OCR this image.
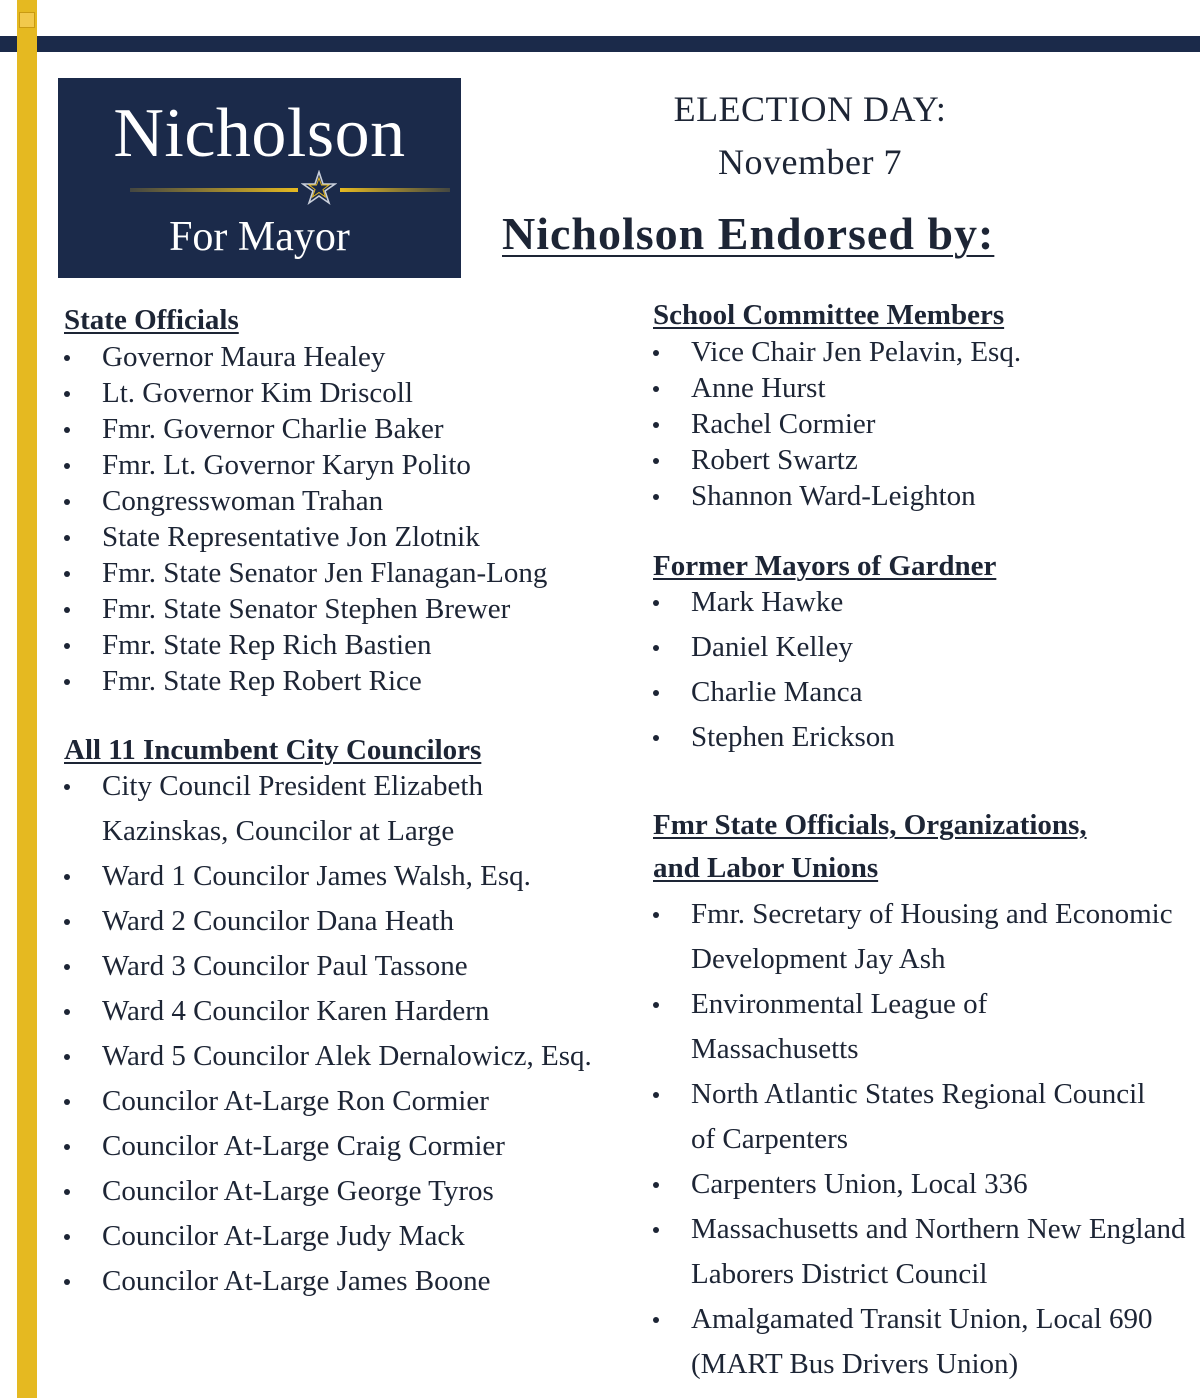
Nicholson
For Mayor
ELECTION DAY:
November 7
Nicholson Endorsed by:
State Officials
Governor Maura Healey
Lt. Governor Kim Driscoll
Fmr. Governor Charlie Baker
Fmr. Lt. Governor Karyn Polito
Congresswoman Trahan
State Representative Jon Zlotnik
Fmr. State Senator Jen Flanagan-Long
Fmr. State Senator Stephen Brewer
Fmr. State Rep Rich Bastien
Fmr. State Rep Robert Rice
All 11 Incumbent City Councilors
City Council President Elizabeth Kazinskas, Councilor at Large
Ward 1 Councilor James Walsh, Esq.
Ward 2 Councilor Dana Heath
Ward 3 Councilor Paul Tassone
Ward 4 Councilor Karen Hardern
Ward 5 Councilor Alek Dernalowicz, Esq.
Councilor At-Large Ron Cormier
Councilor At-Large Craig Cormier
Councilor At-Large George Tyros
Councilor At-Large Judy Mack
Councilor At-Large James Boone
School Committee Members
Vice Chair Jen Pelavin, Esq.
Anne Hurst
Rachel Cormier
Robert Swartz
Shannon Ward-Leighton
Former Mayors of Gardner
Mark Hawke
Daniel Kelley
Charlie Manca
Stephen Erickson
Fmr State Officials, Organizations,
and Labor Unions
Fmr. Secretary of Housing and Economic Development Jay Ash
Environmental League of Massachusetts
North Atlantic States Regional Council of Carpenters
Carpenters Union, Local 336
Massachusetts and Northern New England Laborers District Council
Amalgamated Transit Union, Local 690 (MART Bus Drivers Union)
